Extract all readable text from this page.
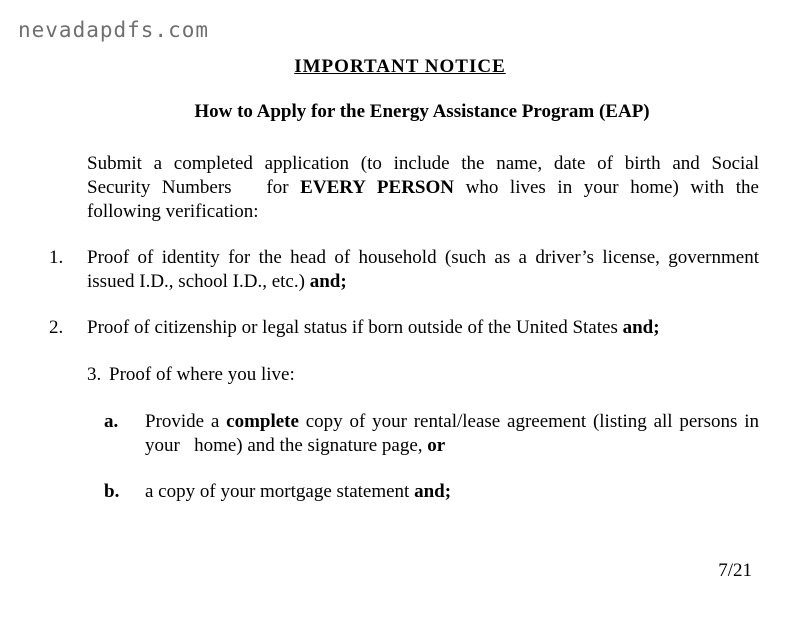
nevadapdfs.com
IMPORTANT NOTICE
How to Apply for the Energy Assistance Program (EAP)
Submit a completed application (to include the name, date of birth and Social
Security Numbers   for EVERY PERSON who lives in your home) with the
following verification:
1. Proof of identity for the head of household (such as a driver’s license, government issued I.D., school I.D., etc.) and;
2. Proof of citizenship or legal status if born outside of the United States and;
3. Proof of where you live:
a. Provide a complete copy of your rental/lease agreement (listing all persons in your   home) and the signature page, or
b. a copy of your mortgage statement and;
7/21
